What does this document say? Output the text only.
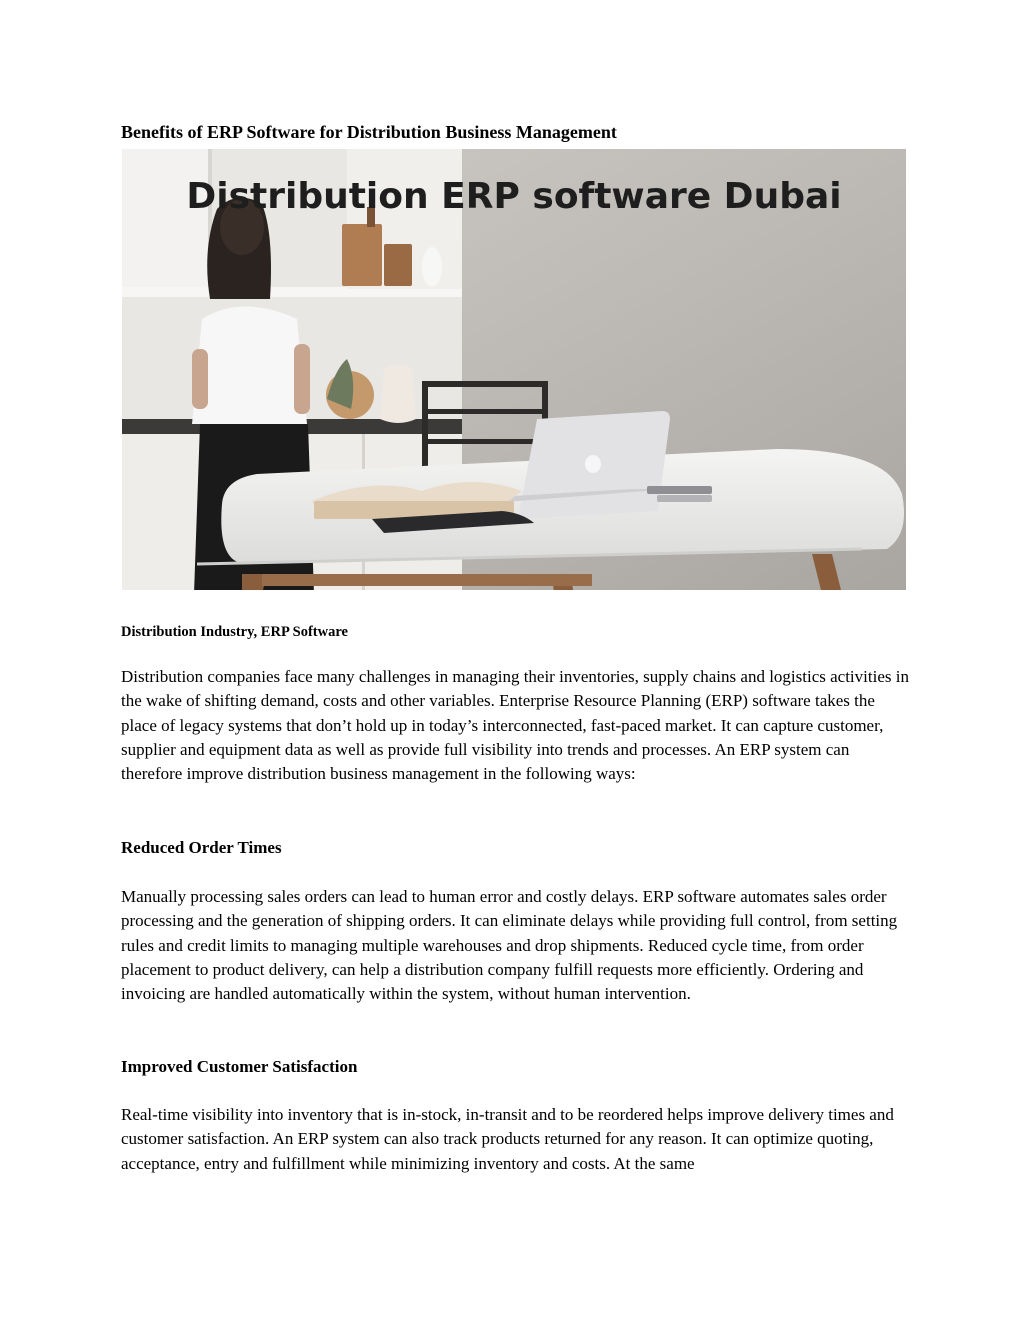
Benefits of ERP Software for Distribution Business Management
Distribution ERP software Dubai

Distribution Industry, ERP Software

Distribution companies face many challenges in managing their inventories, supply chains and logistics activities in the wake of shifting demand, costs and other variables. Enterprise Resource Planning (ERP) software takes the place of legacy systems that don’t hold up in today’s interconnected, fast-paced market. It can capture customer, supplier and equipment data as well as provide full visibility into trends and processes. An ERP system can therefore improve distribution business management in the following ways:

Reduced Order Times

Manually processing sales orders can lead to human error and costly delays. ERP software automates sales order processing and the generation of shipping orders. It can eliminate delays while providing full control, from setting rules and credit limits to managing multiple warehouses and drop shipments. Reduced cycle time, from order placement to product delivery, can help a distribution company fulfill requests more efficiently. Ordering and invoicing are handled automatically within the system, without human intervention.

Improved Customer Satisfaction

Real-time visibility into inventory that is in-stock, in-transit and to be reordered helps improve delivery times and customer satisfaction. An ERP system can also track products returned for any reason. It can optimize quoting, acceptance, entry and fulfillment while minimizing inventory and costs. At the same
